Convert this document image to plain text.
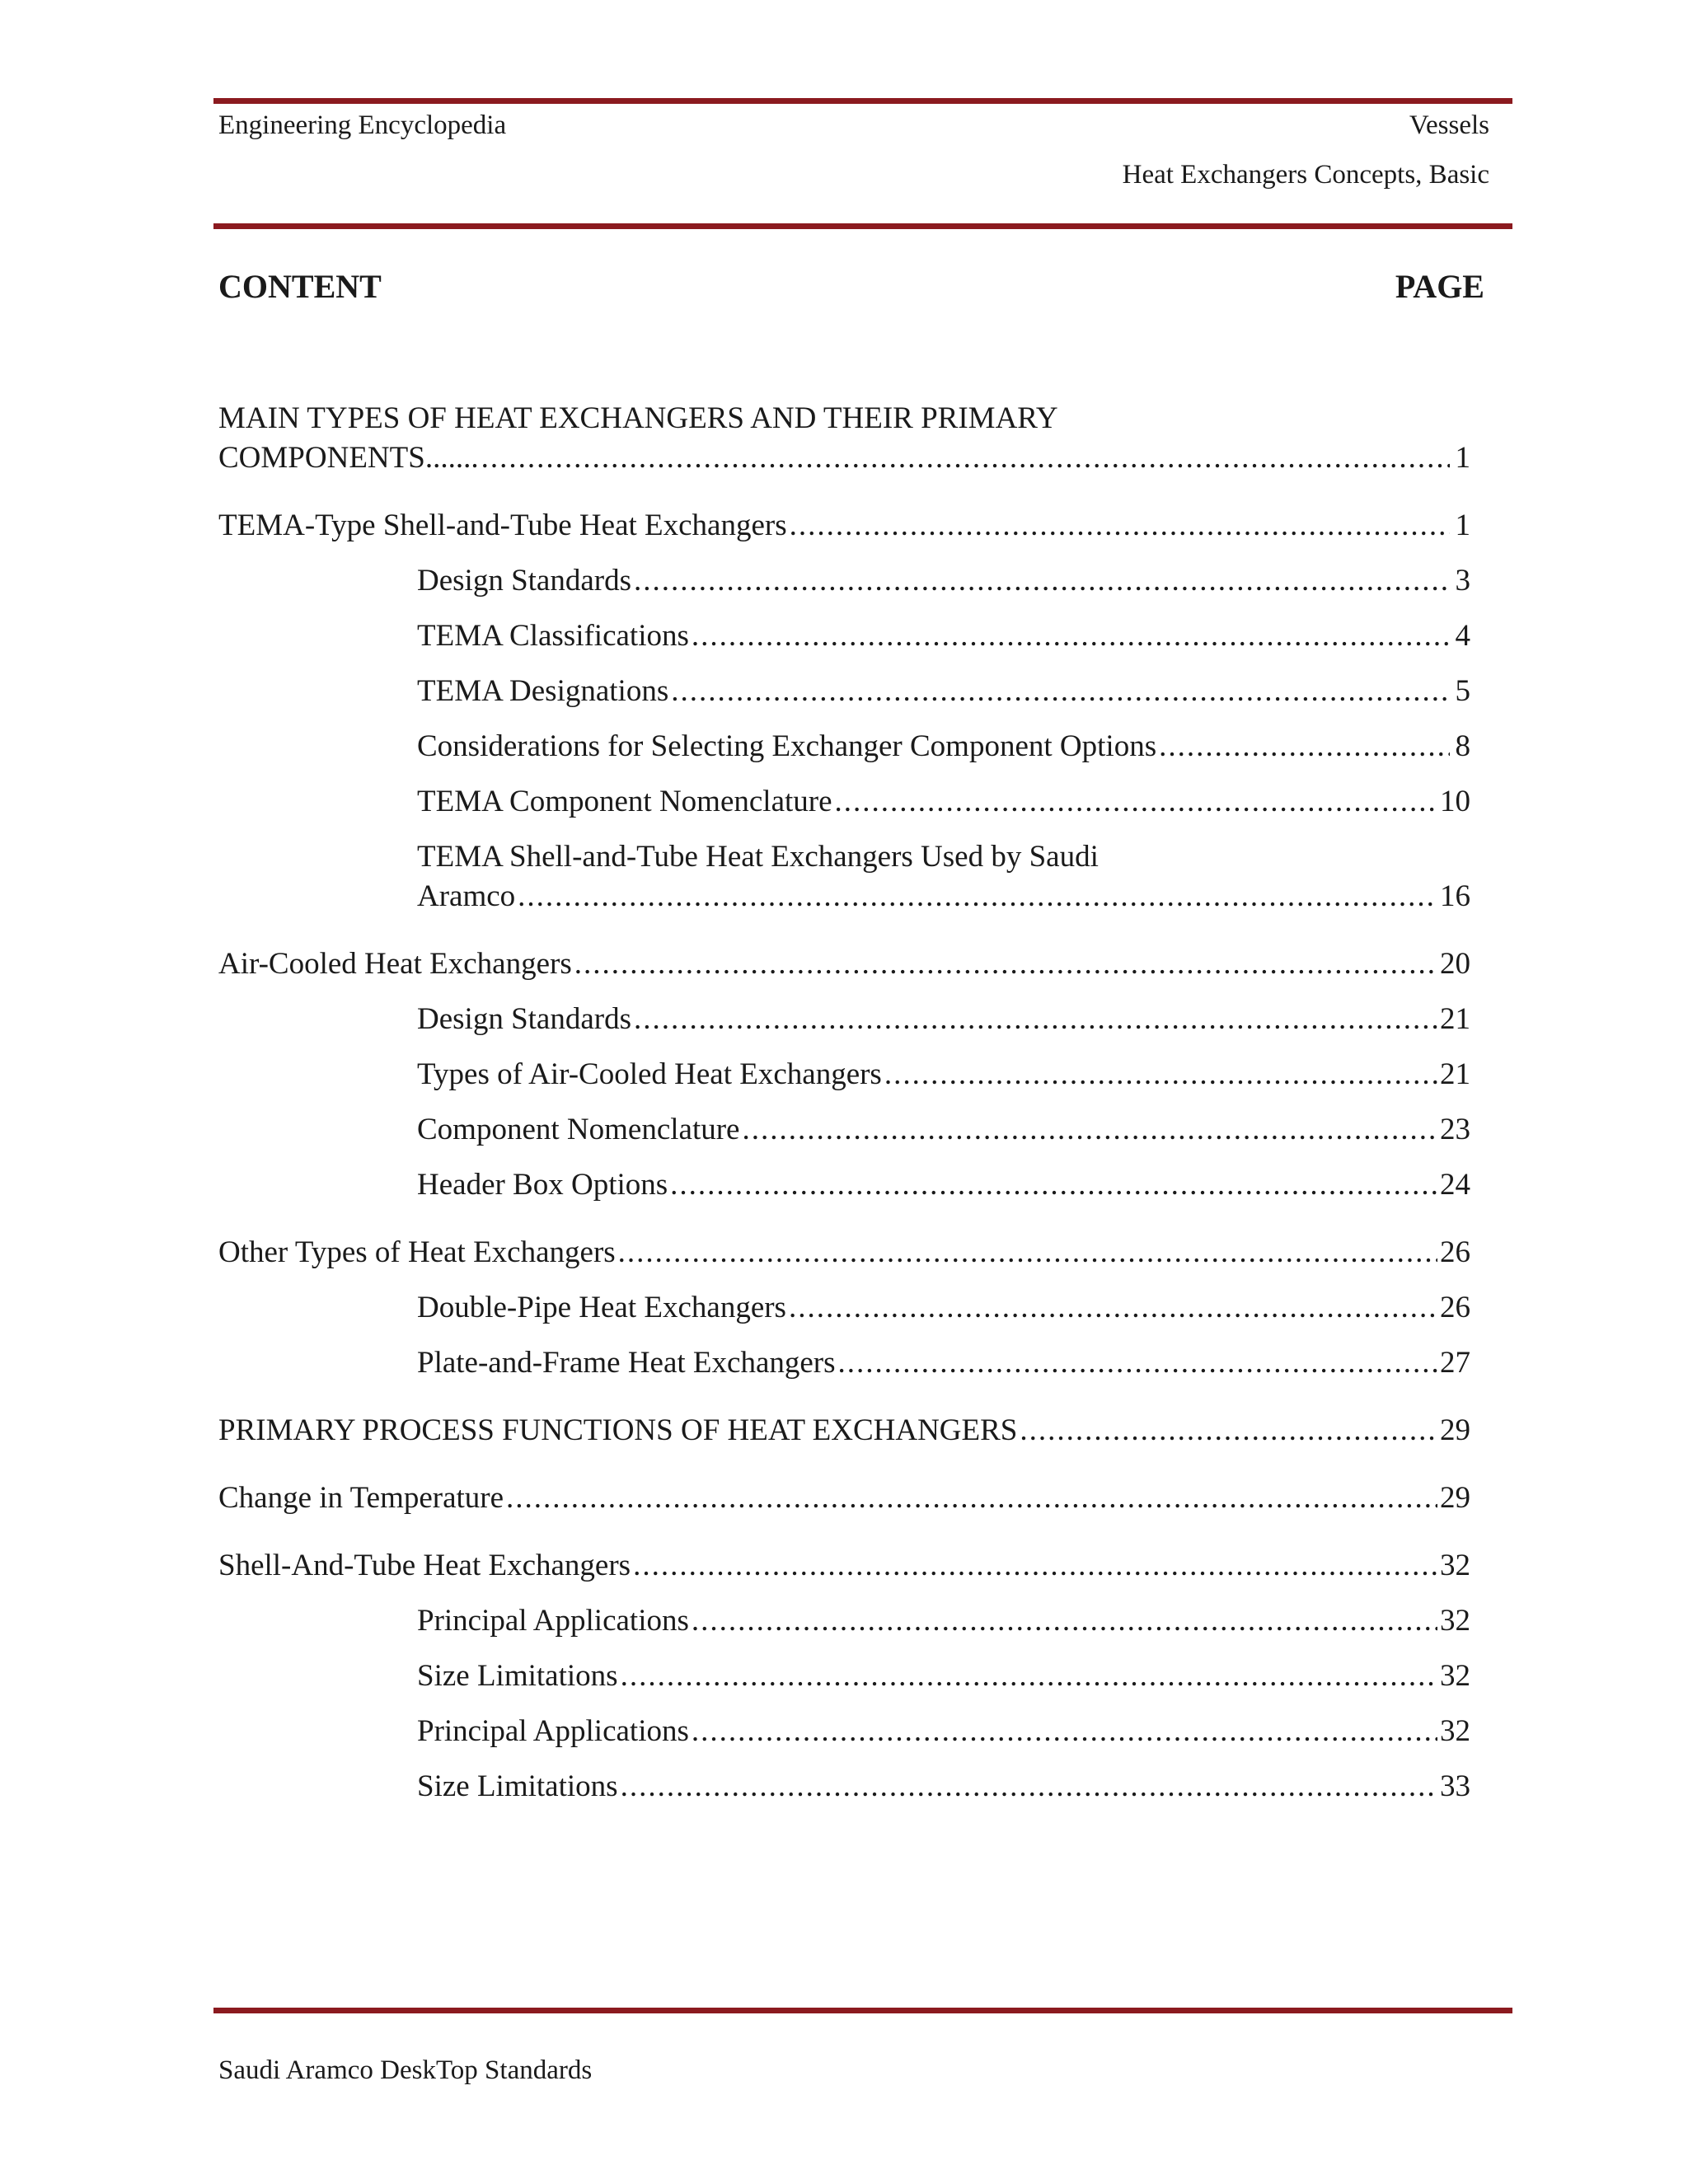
Engineering Encyclopedia	Vessels
Heat Exchangers Concepts, Basic
CONTENT	PAGE
MAIN TYPES OF HEAT EXCHANGERS AND THEIR PRIMARY
COMPONENTS....... .....	1
TEMA-Type Shell-and-Tube Heat Exchangers .....	1
Design Standards .....	3
TEMA Classifications .....	4
TEMA Designations .....	5
Considerations for Selecting Exchanger Component Options .....	8
TEMA Component Nomenclature .....	10
TEMA Shell-and-Tube Heat Exchangers Used by Saudi
Aramco .....	16
Air-Cooled Heat Exchangers .....	20
Design Standards .....	21
Types of Air-Cooled Heat Exchangers .....	21
Component Nomenclature .....	23
Header Box Options .....	24
Other Types of Heat Exchangers .....	26
Double-Pipe Heat Exchangers .....	26
Plate-and-Frame Heat Exchangers .....	27
PRIMARY PROCESS FUNCTIONS OF HEAT EXCHANGERS .....	29
Change in Temperature .....	29
Shell-And-Tube Heat Exchangers .....	32
Principal Applications .....	32
Size Limitations .....	32
Principal Applications .....	32
Size Limitations .....	33
Saudi Aramco DeskTop Standards
